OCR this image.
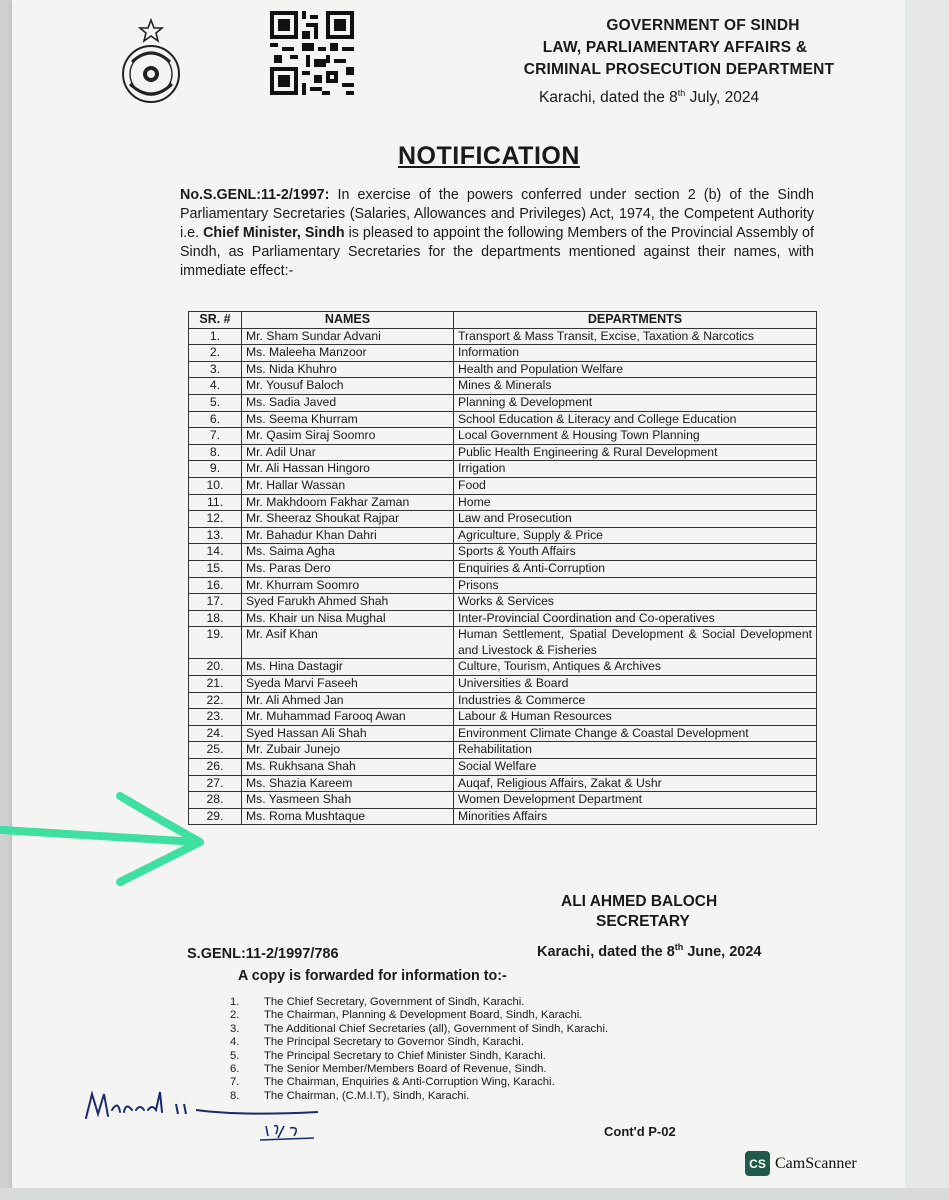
GOVERNMENT OF SINDH
LAW, PARLIAMENTARY AFFAIRS &
CRIMINAL PROSECUTION DEPARTMENT
Karachi, dated the 8th July, 2024
NOTIFICATION
No.S.GENL:11-2/1997: In exercise of the powers conferred under section 2 (b) of the Sindh Parliamentary Secretaries (Salaries, Allowances and Privileges) Act, 1974, the Competent Authority i.e. Chief Minister, Sindh is pleased to appoint the following Members of the Provincial Assembly of Sindh, as Parliamentary Secretaries for the departments mentioned against their names, with immediate effect:-
SR. #	NAMES	DEPARTMENTS
1.	Mr. Sham Sundar Advani	Transport & Mass Transit, Excise, Taxation & Narcotics
2.	Ms. Maleeha Manzoor	Information
3.	Ms. Nida Khuhro	Health and Population Welfare
4.	Mr. Yousuf Baloch	Mines & Minerals
5.	Ms. Sadia Javed	Planning & Development
6.	Ms. Seema Khurram	School Education & Literacy and College Education
7.	Mr. Qasim Siraj Soomro	Local Government & Housing Town Planning
8.	Mr. Adil Unar	Public Health Engineering & Rural Development
9.	Mr. Ali Hassan Hingoro	Irrigation
10.	Mr. Hallar Wassan	Food
11.	Mr. Makhdoom Fakhar Zaman	Home
12.	Mr. Sheeraz Shoukat Rajpar	Law and Prosecution
13.	Mr. Bahadur Khan Dahri	Agriculture, Supply & Price
14.	Ms. Saima Agha	Sports & Youth Affairs
15.	Ms. Paras Dero	Enquiries & Anti-Corruption
16.	Mr. Khurram Soomro	Prisons
17.	Syed Farukh Ahmed Shah	Works & Services
18.	Ms. Khair un Nisa Mughal	Inter-Provincial Coordination and Co-operatives
19.	Mr. Asif Khan	Human Settlement, Spatial Development & Social Development and Livestock & Fisheries
20.	Ms. Hina Dastagir	Culture, Tourism, Antiques & Archives
21.	Syeda Marvi Faseeh	Universities & Board
22.	Mr. Ali Ahmed Jan	Industries & Commerce
23.	Mr. Muhammad Farooq Awan	Labour & Human Resources
24.	Syed Hassan Ali Shah	Environment Climate Change & Coastal Development
25.	Mr. Zubair Junejo	Rehabilitation
26.	Ms. Rukhsana Shah	Social Welfare
27.	Ms. Shazia Kareem	Auqaf, Religious Affairs, Zakat & Ushr
28.	Ms. Yasmeen Shah	Women Development Department
29.	Ms. Roma Mushtaque	Minorities Affairs
ALI AHMED BALOCH
SECRETARY
S.GENL:11-2/1997/786	Karachi, dated the 8th June, 2024
A copy is forwarded for information to:-
1.	The Chief Secretary, Government of Sindh, Karachi.
2.	The Chairman, Planning & Development Board, Sindh, Karachi.
3.	The Additional Chief Secretaries (all), Government of Sindh, Karachi.
4.	The Principal Secretary to Governor Sindh, Karachi.
5.	The Principal Secretary to Chief Minister Sindh, Karachi.
6.	The Senior Member/Members Board of Revenue, Sindh.
7.	The Chairman, Enquiries & Anti-Corruption Wing, Karachi.
8.	The Chairman, (C.M.I.T), Sindh, Karachi.
Cont'd P-02
CS CamScanner
